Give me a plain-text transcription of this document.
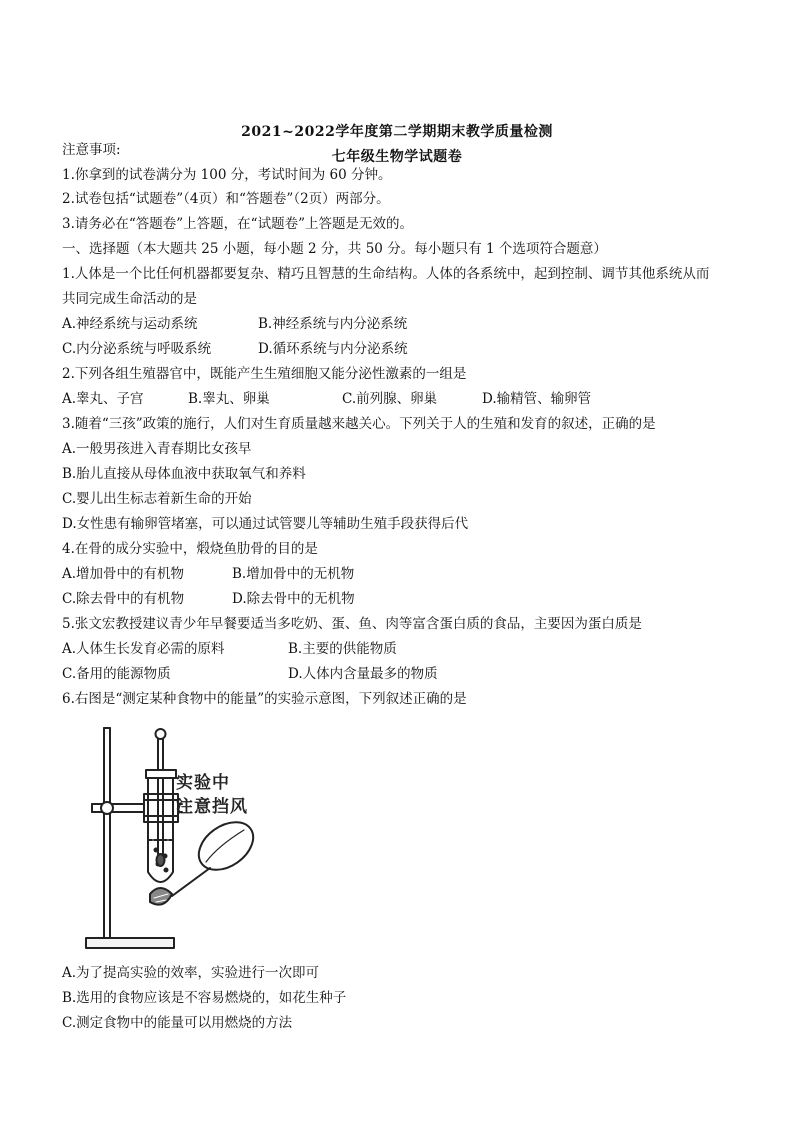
2021~2022学年度第二学期期末教学质量检测
七年级生物学试题卷
注意事项:
1.你拿到的试卷满分为 100 分，考试时间为 60 分钟。
2.试卷包括“试题卷”（4页）和“答题卷”（2页）两部分。
3.请务必在“答题卷”上答题，在“试题卷”上答题是无效的。
一、选择题（本大题共 25 小题，每小题 2 分，共 50 分。每小题只有 1 个选项符合题意）
1.人体是一个比任何机器都要复杂、精巧且智慧的生命结构。人体的各系统中，起到控制、调节其他系统从而
共同完成生命活动的是
A.神经系统与运动系统	B.神经系统与内分泌系统
C.内分泌系统与呼吸系统	D.循环系统与内分泌系统
2.下列各组生殖器官中，既能产生生殖细胞又能分泌性激素的一组是
A.睾丸、子宫	B.睾丸、卵巢	C.前列腺、卵巢	D.输精管、输卵管
3.随着“三孩”政策的施行，人们对生育质量越来越关心。下列关于人的生殖和发育的叙述，正确的是
A.一般男孩进入青春期比女孩早
B.胎儿直接从母体血液中获取氧气和养料
C.婴儿出生标志着新生命的开始
D.女性患有输卵管堵塞，可以通过试管婴儿等辅助生殖手段获得后代
4.在骨的成分实验中，煅烧鱼肋骨的目的是
A.增加骨中的有机物	B.增加骨中的无机物
C.除去骨中的有机物	D.除去骨中的无机物
5.张文宏教授建议青少年早餐要适当多吃奶、蛋、鱼、肉等富含蛋白质的食品，主要因为蛋白质是
A.人体生长发育必需的原料	B.主要的供能物质
C.备用的能源物质	D.人体内含量最多的物质
6.右图是“测定某种食物中的能量”的实验示意图，下列叙述正确的是
实验中
注意挡风
A.为了提高实验的效率，实验进行一次即可
B.选用的食物应该是不容易燃烧的，如花生种子
C.测定食物中的能量可以用燃烧的方法
